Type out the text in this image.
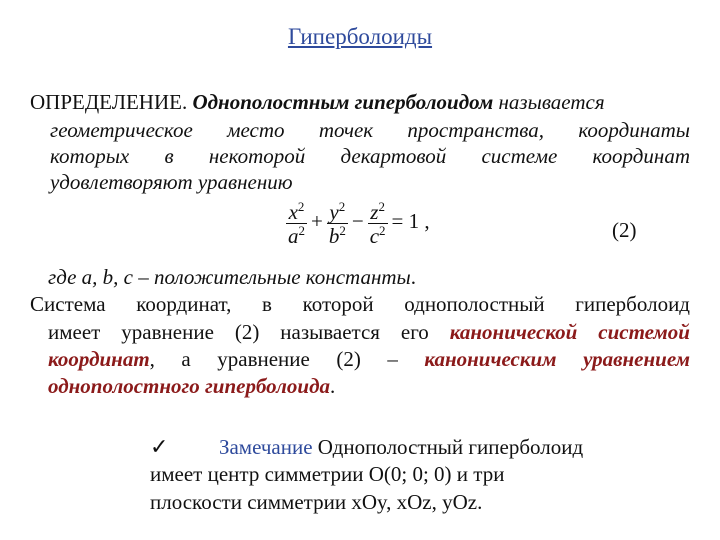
Гиперболоиды
ОПРЕДЕЛЕНИЕ. Однополостным гиперболоидом называется
геометрическое место точек пространства, координаты
которых в некоторой декартовой системе координат
удовлетворяют уравнению
$\frac{x^2}{a^2} + \frac{y^2}{b^2} - \frac{z^2}{c^2} = 1$ ,	(2)
где a, b, c – положительные константы.
Система координат, в которой однополостный гиперболоид
имеет уравнение (2) называется его канонической системой
координат, а уравнение (2) – каноническим уравнением
однополостного гиперболоида.
✓ Замечание Однополостный гиперболоид
имеет центр симметрии O(0; 0; 0) и три
плоскости симметрии xOy, xOz, yOz.
